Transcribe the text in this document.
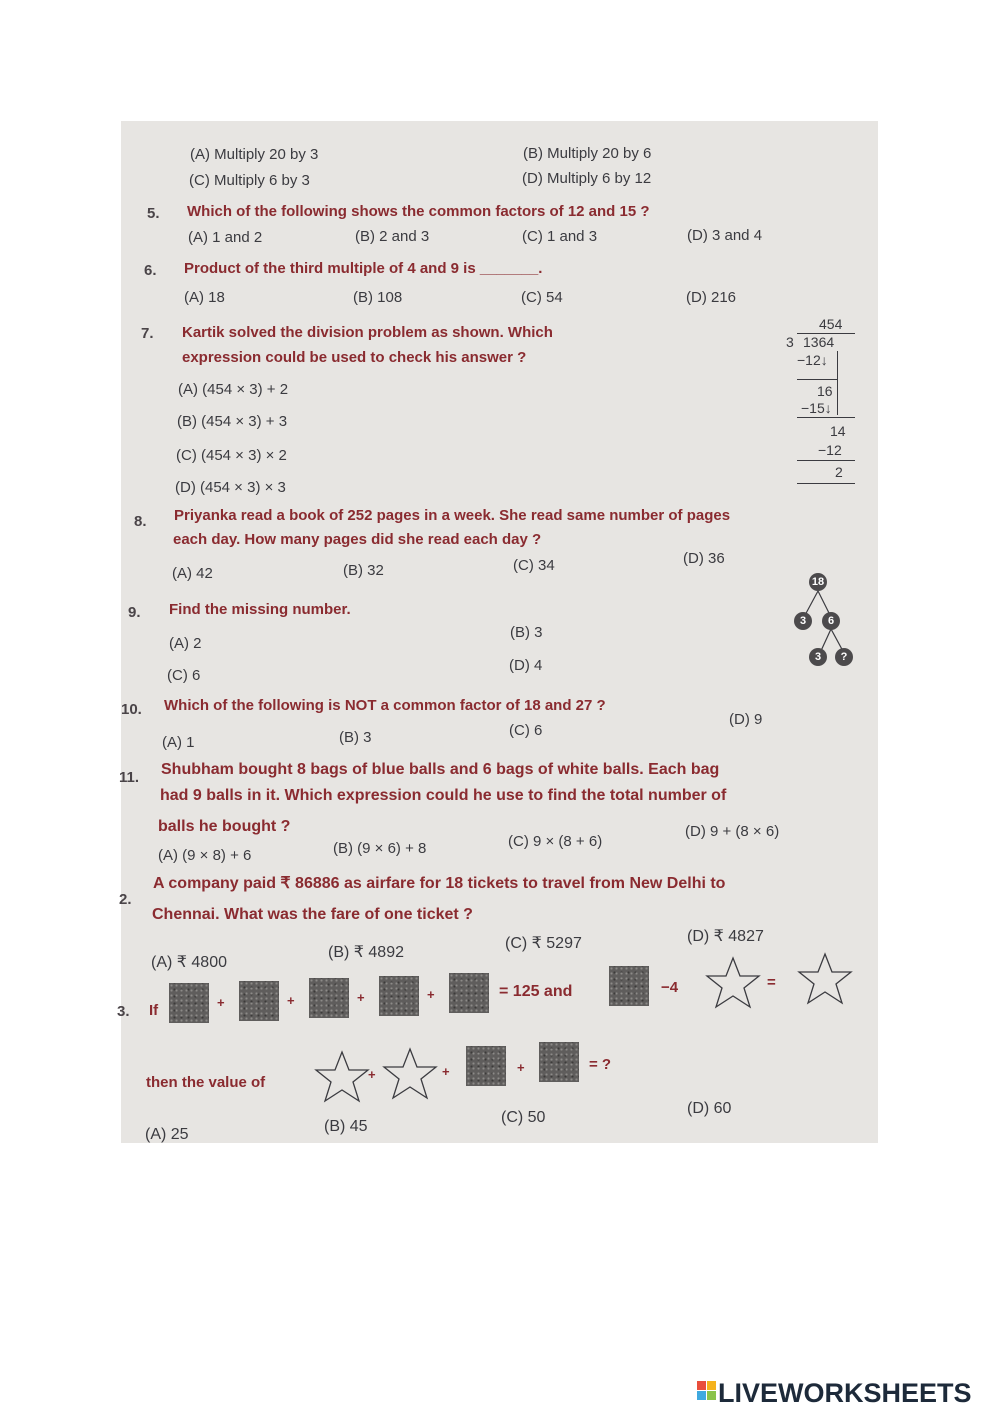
(A) Multiply 20 by 3	(B) Multiply 20 by 6
(C) Multiply 6 by 3	(D) Multiply 6 by 12
5. Which of the following shows the common factors of 12 and 15 ?
(A) 1 and 2	(B) 2 and 3	(C) 1 and 3	(D) 3 and 4
6. Product of the third multiple of 4 and 9 is _______.
(A) 18	(B) 108	(C) 54	(D) 216
7. Kartik solved the division problem as shown. Which
expression could be used to check his answer ?
(A) (454 × 3) + 2
(B) (454 × 3) + 3
(C) (454 × 3) × 2
(D) (454 × 3) × 3
454
3 1364
−12↓
16
−15↓
14
−12
2
8. Priyanka read a book of 252 pages in a week. She read same number of pages
each day. How many pages did she read each day ?
(A) 42	(B) 32	(C) 34	(D) 36
9. Find the missing number.
(A) 2
(B) 3
(C) 6
(D) 4
18
3	6
3	?
10. Which of the following is NOT a common factor of 18 and 27 ?
(A) 1	(B) 3	(C) 6
(D) 9
11. Shubham bought 8 bags of blue balls and 6 bags of white balls. Each bag
had 9 balls in it. Which expression could he use to find the total number of
balls he bought ?
(A) (9 × 8) + 6	(B) (9 × 6) + 8	(C) 9 × (8 + 6)
(D) 9 + (8 × 6)
2.
A company paid ₹ 86886 as airfare for 18 tickets to travel from New Delhi to
Chennai. What was the fare of one ticket ?
(A) ₹ 4800
(B) ₹ 4892
(C) ₹ 5297	(D) ₹ 4827
3. If	+	+	+	+	= 125 and	−4	=
then the value of	+	+	+	= ?
(A) 25	(B) 45
(C) 50
(D) 60
LIVEWORKSHEETS
